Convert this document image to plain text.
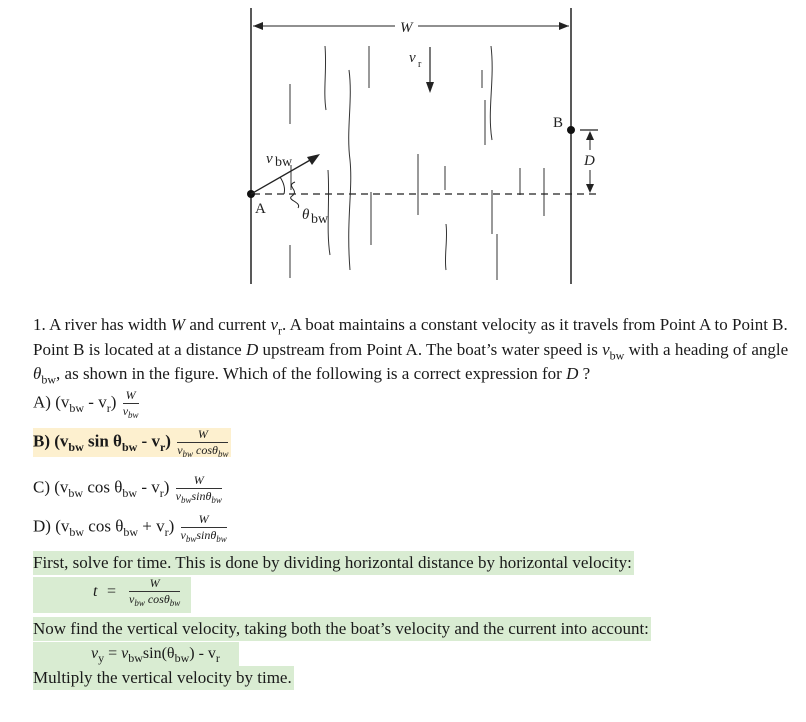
W
v r
A
v bw
θ bw
B
D
1. A river has width W and current $v_r$. A boat maintains a constant velocity as it travels from Point A to Point B. Point B is located at a distance D upstream from Point A. The boat’s water speed is $v_{bw}$ with a heading of angle $\theta_{bw}$, as shown in the figure. Which of the following is a correct expression for D ?
A) $(v_{bw} - v_r) \frac{W}{v_{bw}}$
B) ($v_{bw}$ $\sin \theta_{bw} - v_r) \frac{W}{v_{bw} \cos\theta_{bw}}$
C) ($v_{bw}$ $\cos \theta_{bw} - v_r) \frac{W}{v_{bw}\sin\theta_{bw}}$
D) ($v_{bw}$ $\cos \theta_{bw} + v_r) \frac{W}{v_{bw}\sin\theta_{bw}}$
First, solve for time. This is done by dividing horizontal distance by horizontal velocity:
t =	W
$v_{bw}$ cosθ$_{bw}$
Now find the vertical velocity, taking both the boat’s velocity and the current into account:
$v_y = v_{bw}\sin(\theta_{bw}) - v_r$
Multiply the vertical velocity by time.
